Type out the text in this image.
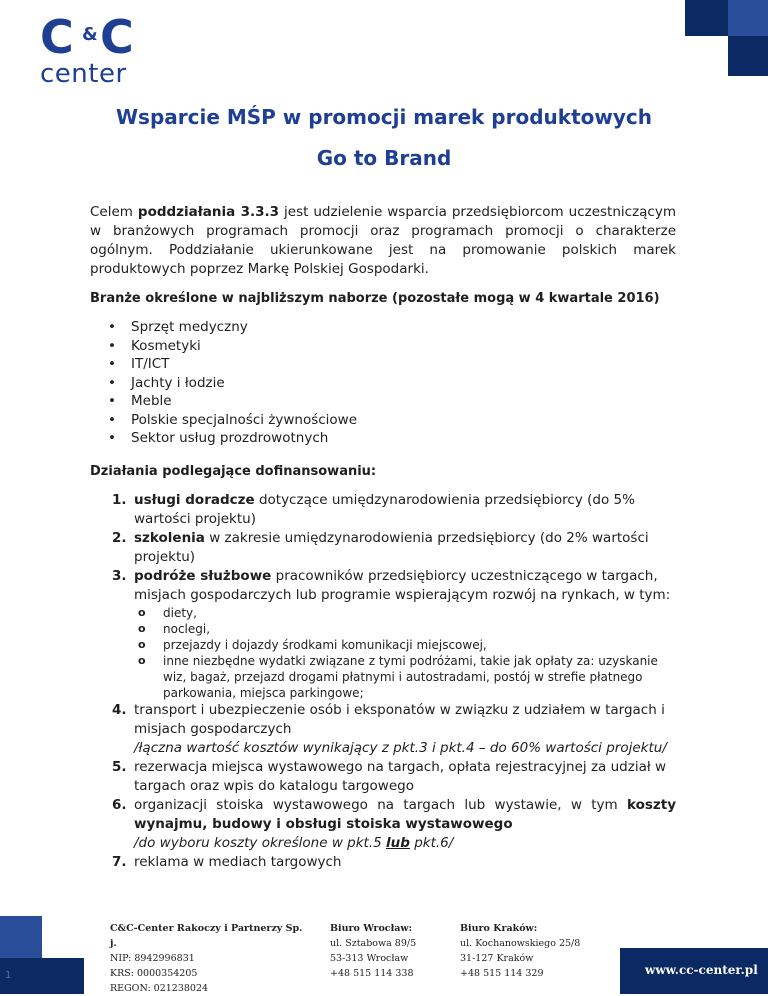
1
C & C
center
Wsparcie MŚP w promocji marek produktowych
Go to Brand

Celem poddziałania 3.3.3 jest udzielenie wsparcia przedsiębiorcom uczestniczącym w branżowych programach promocji oraz programach promocji o charakterze ogólnym. Poddziałanie ukierunkowane jest na promowanie polskich marek produktowych poprzez Markę Polskiej Gospodarki.

Branże określone w najbliższym naborze (pozostałe mogą w 4 kwartale 2016)

• Sprzęt medyczny
• Kosmetyki
• IT/ICT
• Jachty i łodzie
• Meble
• Polskie specjalności żywnościowe
• Sektor usług prozdrowotnych

Działania podlegające dofinansowaniu:

1. usługi doradcze dotyczące umiędzynarodowienia przedsiębiorcy (do 5% wartości projektu)
2. szkolenia w zakresie umiędzynarodowienia przedsiębiorcy (do 2% wartości projektu)
3. podróże służbowe pracowników przedsiębiorcy uczestniczącego w targach, misjach gospodarczych lub programie wspierającym rozwój na rynkach, w tym:
o diety,
o noclegi,
o przejazdy i dojazdy środkami komunikacji miejscowej,
o inne niezbędne wydatki związane z tymi podróżami, takie jak opłaty za: uzyskanie wiz, bagaż, przejazd drogami płatnymi i autostradami, postój w strefie płatnego parkowania, miejsca parkingowe;
4. transport i ubezpieczenie osób i eksponatów w związku z udziałem w targach i misjach gospodarczych
/łączna wartość kosztów wynikający z pkt.3 i pkt.4 – do 60% wartości projektu/
5. rezerwacja miejsca wystawowego na targach, opłata rejestracyjnej za udział w targach oraz wpis do katalogu targowego
6. organizacji stoiska wystawowego na targach lub wystawie, w tym koszty wynajmu, budowy i obsługi stoiska wystawowego
/do wyboru koszty określone w pkt.5 lub pkt.6/
7. reklama w mediach targowych
C&C-Center Rakoczy i Partnerzy Sp. j.
NIP: 8942996831
KRS: 0000354205
REGON: 021238024
Biuro Wrocław:
ul. Sztabowa 89/5
53-313 Wrocław
+48 515 114 338
Biuro Kraków:
ul. Kochanowskiego 25/8
31-127 Kraków
+48 515 114 329	www.cc-center.pl
